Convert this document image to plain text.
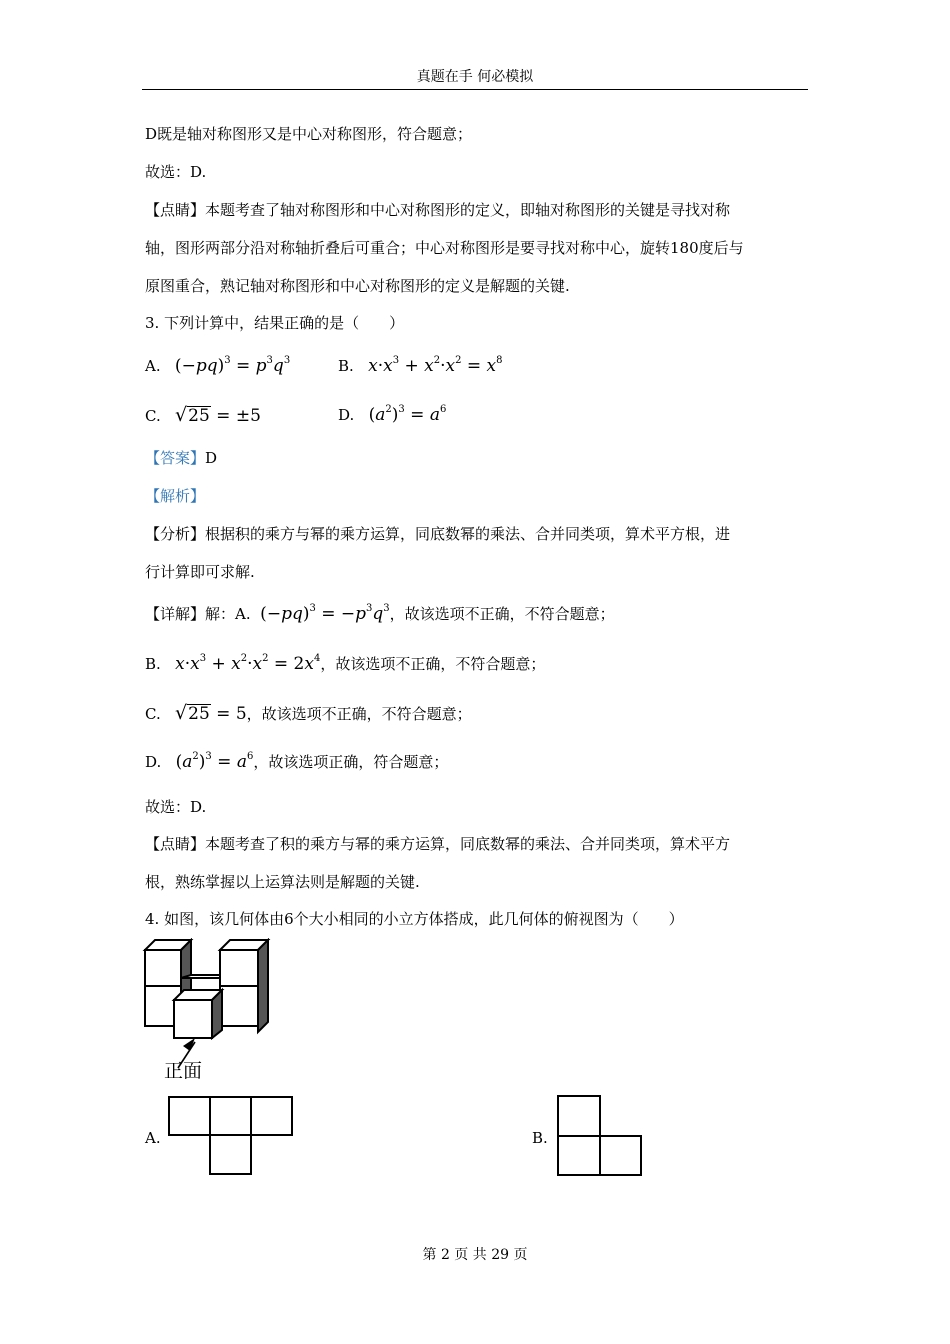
真题在手 何必模拟
D既是轴对称图形又是中心对称图形，符合题意；
故选：D.
【点睛】本题考查了轴对称图形和中心对称图形的定义，即轴对称图形的关键是寻找对称
轴，图形两部分沿对称轴折叠后可重合；中心对称图形是要寻找对称中心，旋转180度后与
原图重合，熟记轴对称图形和中心对称图形的定义是解题的关键.
3. 下列计算中，结果正确的是（　　）
A. $(-pq)^3 = p^3q^3$	B. $x\cdot x^3 + x^2\cdot x^2 = x^8$
C. √25 = ±5	D. $(a^2)^3 = a^6$
【答案】D
【解析】
【分析】根据积的乘方与幂的乘方运算，同底数幂的乘法、合并同类项，算术平方根，进
行计算即可求解.
【详解】解：A. $(-pq)^3 = -p^3q^3$，故该选项不正确，不符合题意；
B. $x\cdot x^3 + x^2\cdot x^2 = 2x^4$，故该选项不正确，不符合题意；
C. √25 = 5，故该选项不正确，不符合题意；
D. $(a^2)^3 = a^6$，故该选项正确，符合题意；
故选：D.
【点睛】本题考查了积的乘方与幂的乘方运算，同底数幂的乘法、合并同类项，算术平方
根，熟练掌握以上运算法则是解题的关键.
4. 如图，该几何体由6个大小相同的小立方体搭成，此几何体的俯视图为（　　）
正面
A.	B.
第 2 页 共 29 页
